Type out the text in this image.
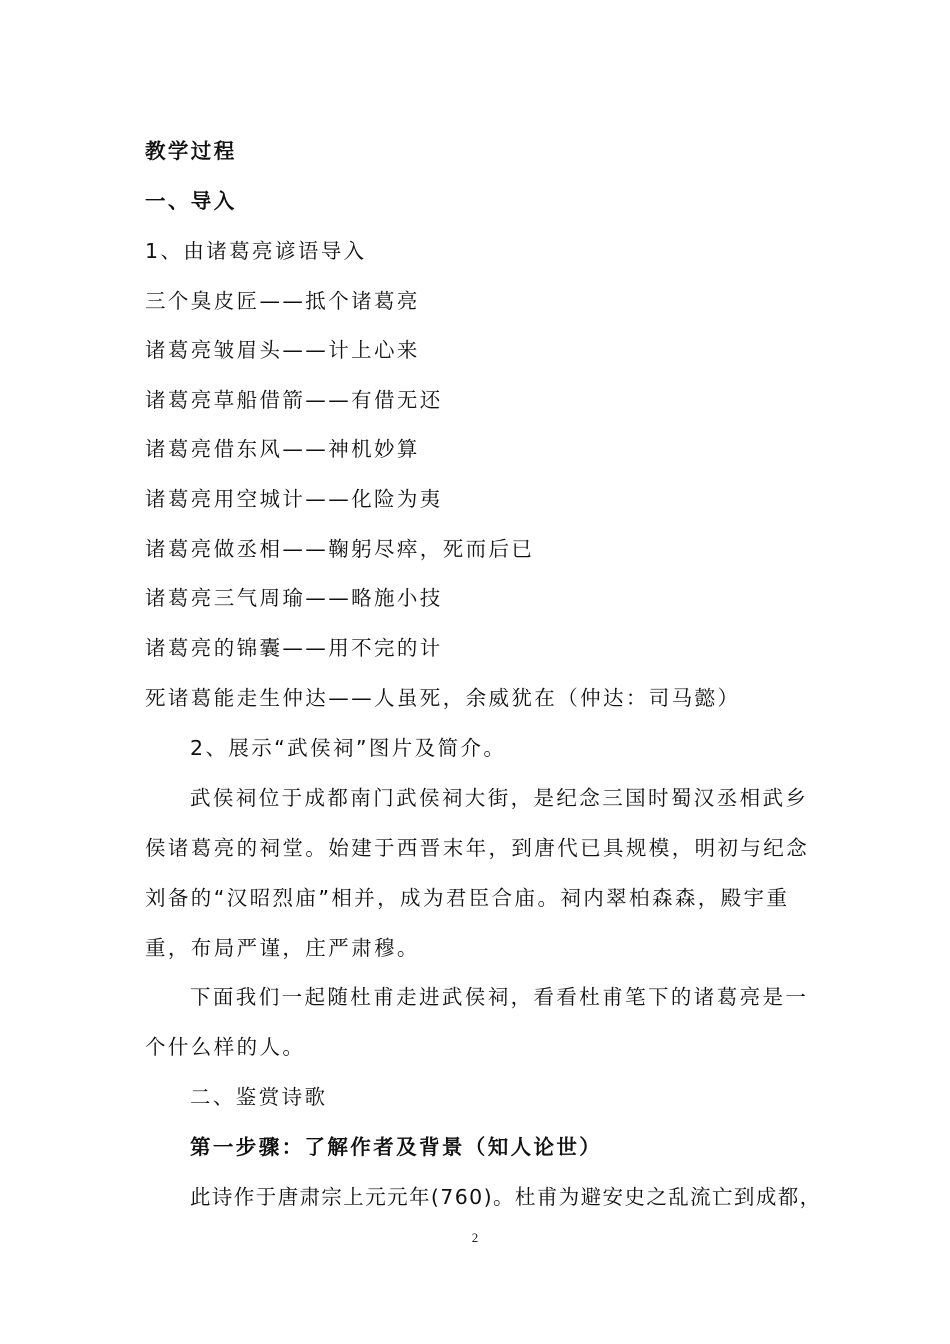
教学过程
一、导入
1、由诸葛亮谚语导入
三个臭皮匠——抵个诸葛亮
诸葛亮皱眉头——计上心来
诸葛亮草船借箭——有借无还
诸葛亮借东风——神机妙算
诸葛亮用空城计——化险为夷
诸葛亮做丞相——鞠躬尽瘁，死而后已
诸葛亮三气周瑜——略施小技
诸葛亮的锦囊——用不完的计
死诸葛能走生仲达——人虽死，余威犹在（仲达：司马懿）
2、展示“武侯祠”图片及简介。
武侯祠位于成都南门武侯祠大街，是纪念三国时蜀汉丞相武乡
侯诸葛亮的祠堂。始建于西晋末年，到唐代已具规模，明初与纪念
刘备的“汉昭烈庙”相并，成为君臣合庙。祠内翠柏森森，殿宇重
重，布局严谨，庄严肃穆。
下面我们一起随杜甫走进武侯祠，看看杜甫笔下的诸葛亮是一
个什么样的人。
二、鉴赏诗歌
第一步骤：了解作者及背景（知人论世）
此诗作于唐肃宗上元元年(760)。杜甫为避安史之乱流亡到成都，
2
